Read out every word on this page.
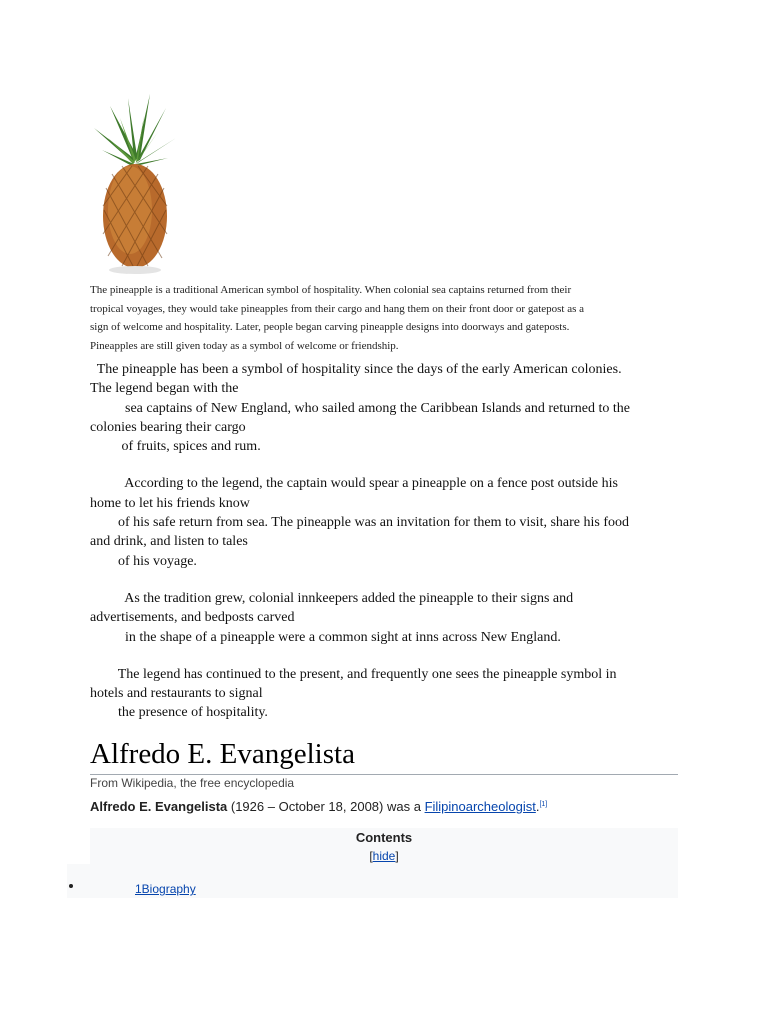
The pineapple is a traditional American symbol of hospitality. When colonial sea captains returned from their

tropical voyages, they would take pineapples from their cargo and hang them on their front door or gatepost as a

sign of welcome and hospitality. Later, people began carving pineapple designs into doorways and gateposts.

Pineapples are still given today as a symbol of welcome or friendship.

The pineapple has been a symbol of hospitality since the days of the early American colonies.
The legend began with the
sea captains of New England, who sailed among the Caribbean Islands and returned to the
colonies bearing their cargo
of fruits, spices and rum.

According to the legend, the captain would spear a pineapple on a fence post outside his
home to let his friends know
of his safe return from sea. The pineapple was an invitation for them to visit, share his food
and drink, and listen to tales
of his voyage.

As the tradition grew, colonial innkeepers added the pineapple to their signs and
advertisements, and bedposts carved
in the shape of a pineapple were a common sight at inns across New England.

The legend has continued to the present, and frequently one sees the pineapple symbol in
hotels and restaurants to signal
the presence of hospitality.

Alfredo E. Evangelista
From Wikipedia, the free encyclopedia
Alfredo E. Evangelista (1926 – October 18, 2008) was a Filipinoarcheologist.[1]
Contents
[hide]
1Biography
